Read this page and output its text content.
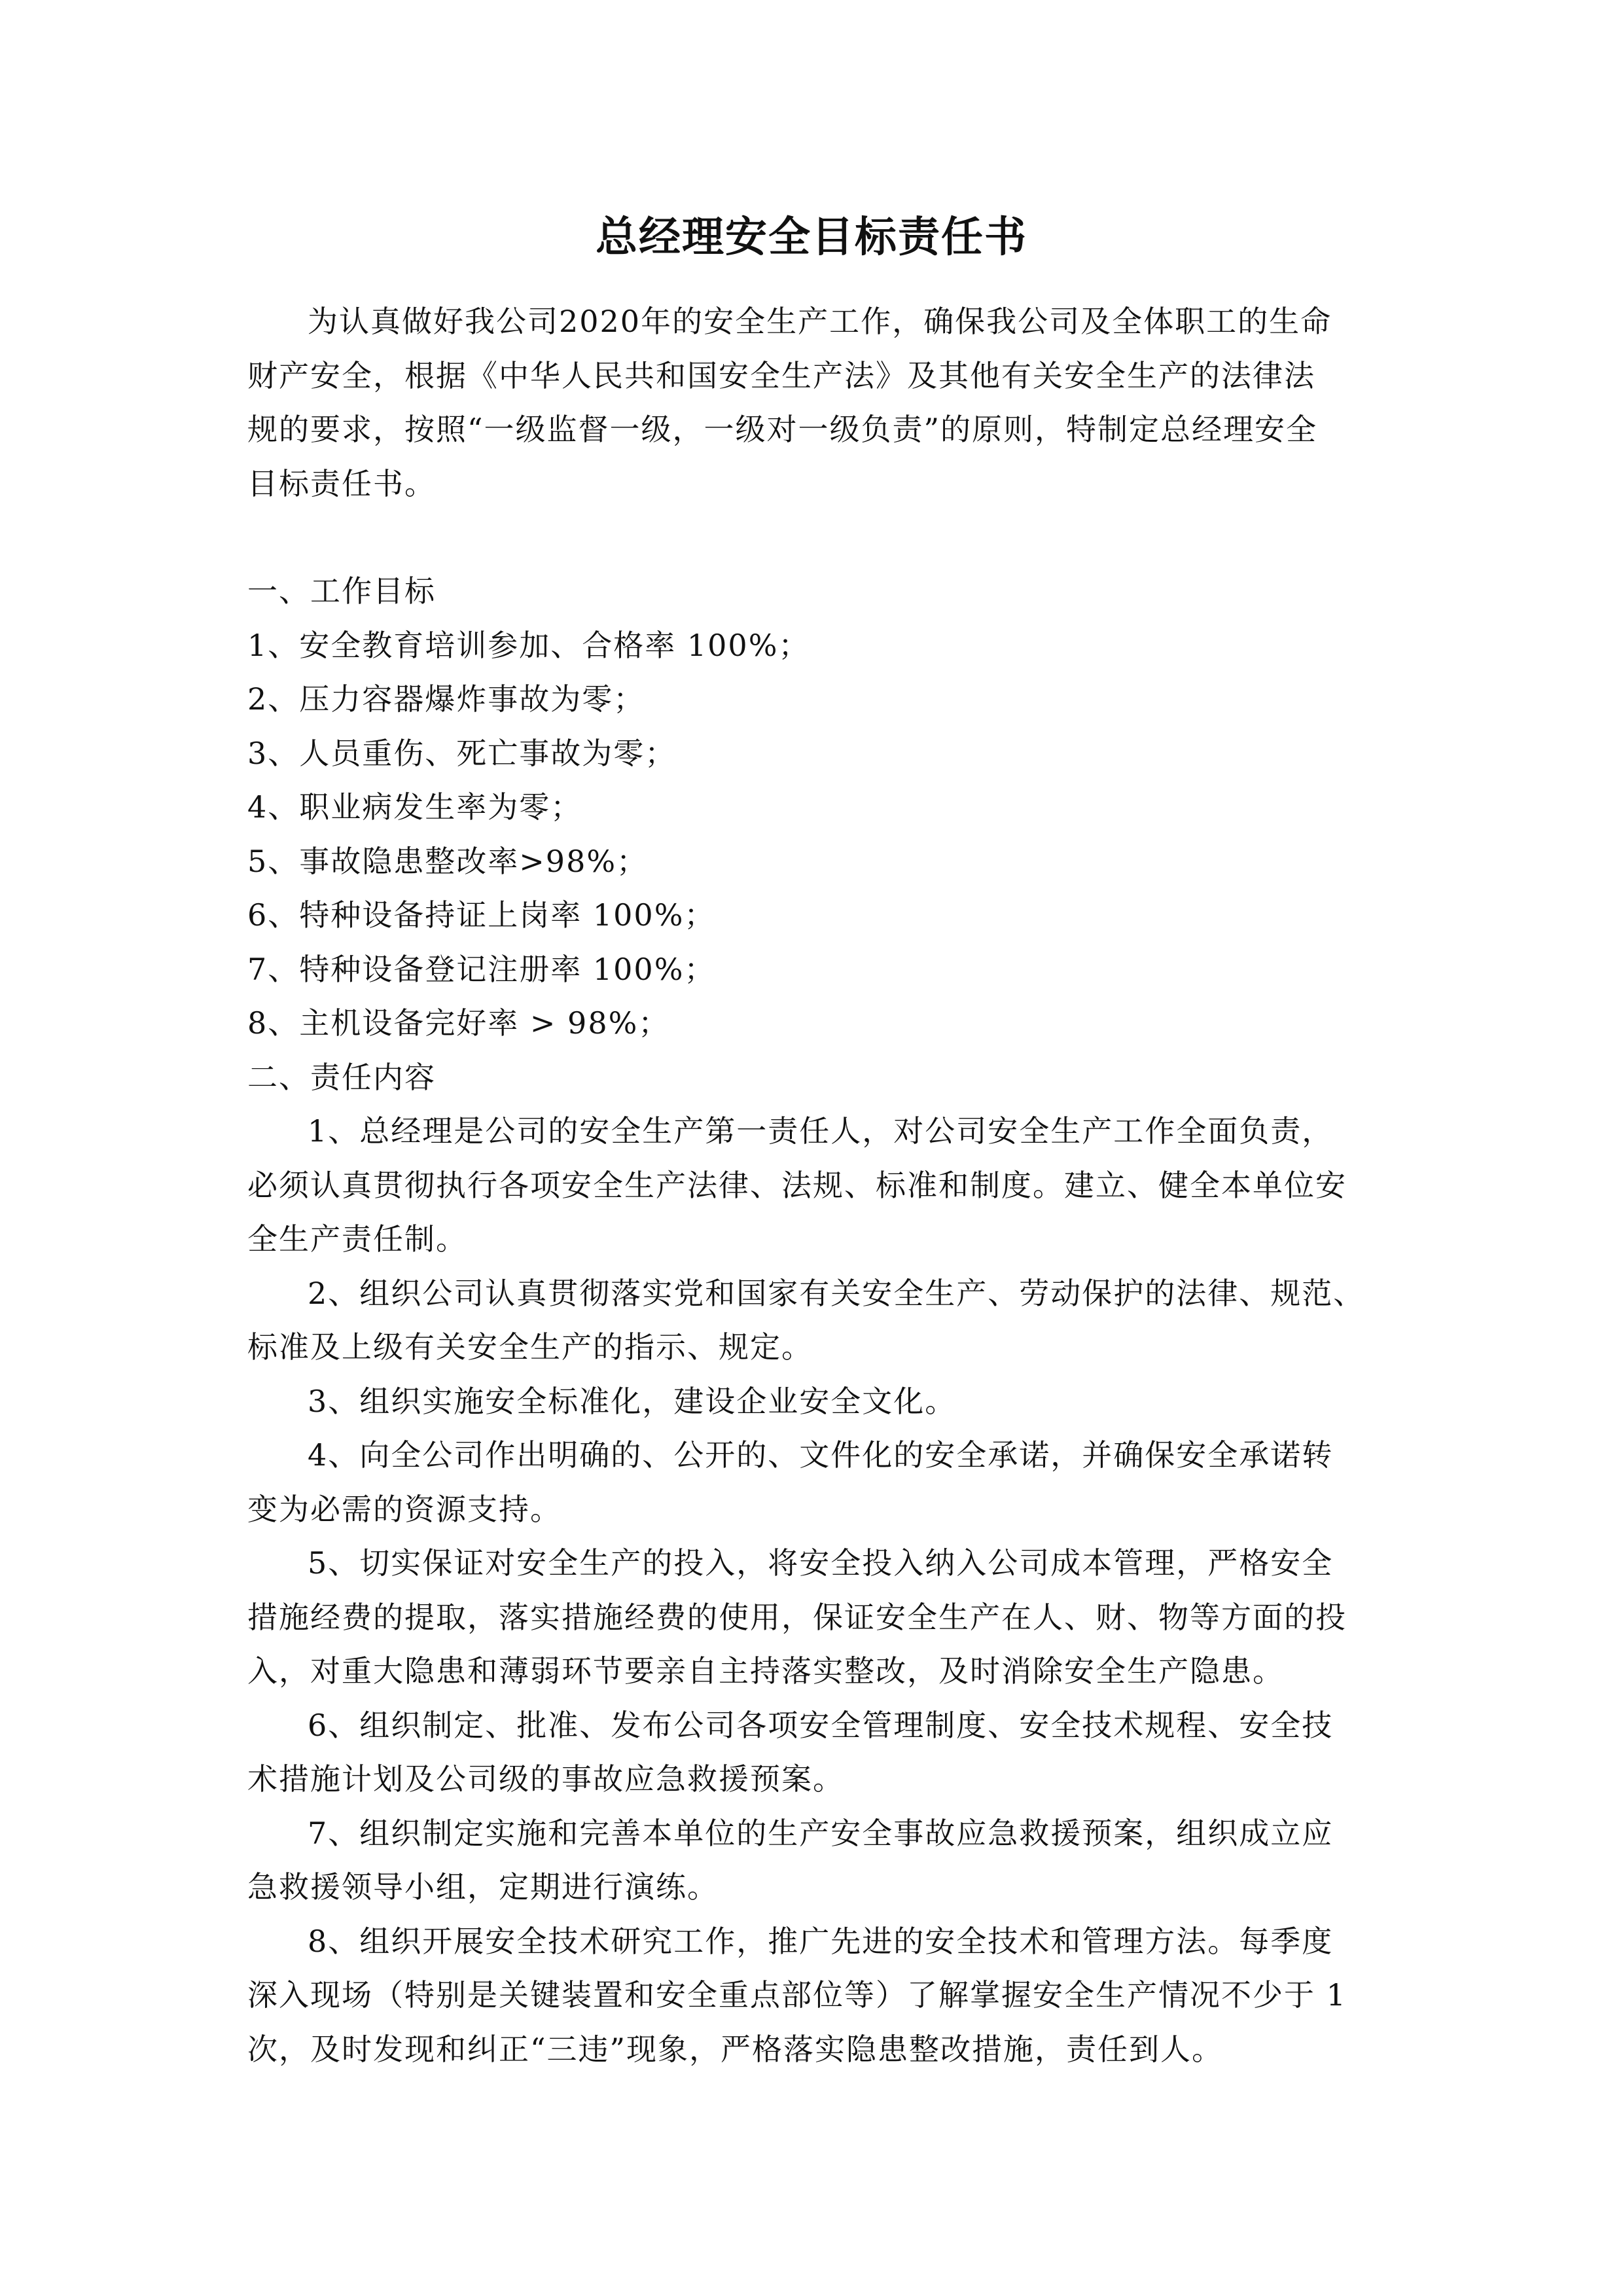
总经理安全目标责任书

为认真做好我公司2020年的安全生产工作，确保我公司及全体职工的生命

财产安全，根据《中华人民共和国安全生产法》及其他有关安全生产的法律法

规的要求，按照“一级监督一级，一级对一级负责”的原则，特制定总经理安全

目标责任书。

一、工作目标

1、安全教育培训参加、合格率 100%；

2、压力容器爆炸事故为零；

3、人员重伤、死亡事故为零；

4、职业病发生率为零；

5、事故隐患整改率>98%；

6、特种设备持证上岗率 100%；

7、特种设备登记注册率 100%；

8、主机设备完好率 > 98%；

二、责任内容

1、总经理是公司的安全生产第一责任人，对公司安全生产工作全面负责，

必须认真贯彻执行各项安全生产法律、法规、标准和制度。建立、健全本单位安

全生产责任制。

2、组织公司认真贯彻落实党和国家有关安全生产、劳动保护的法律、规范、

标准及上级有关安全生产的指示、规定。

3、组织实施安全标准化，建设企业安全文化。

4、向全公司作出明确的、公开的、文件化的安全承诺，并确保安全承诺转

变为必需的资源支持。

5、切实保证对安全生产的投入，将安全投入纳入公司成本管理，严格安全

措施经费的提取，落实措施经费的使用，保证安全生产在人、财、物等方面的投

入，对重大隐患和薄弱环节要亲自主持落实整改，及时消除安全生产隐患。

6、组织制定、批准、发布公司各项安全管理制度、安全技术规程、安全技

术措施计划及公司级的事故应急救援预案。

7、组织制定实施和完善本单位的生产安全事故应急救援预案，组织成立应

急救援领导小组，定期进行演练。

8、组织开展安全技术研究工作，推广先进的安全技术和管理方法。每季度

深入现场（特别是关键装置和安全重点部位等）了解掌握安全生产情况不少于 1

次，及时发现和纠正“三违”现象，严格落实隐患整改措施，责任到人。
